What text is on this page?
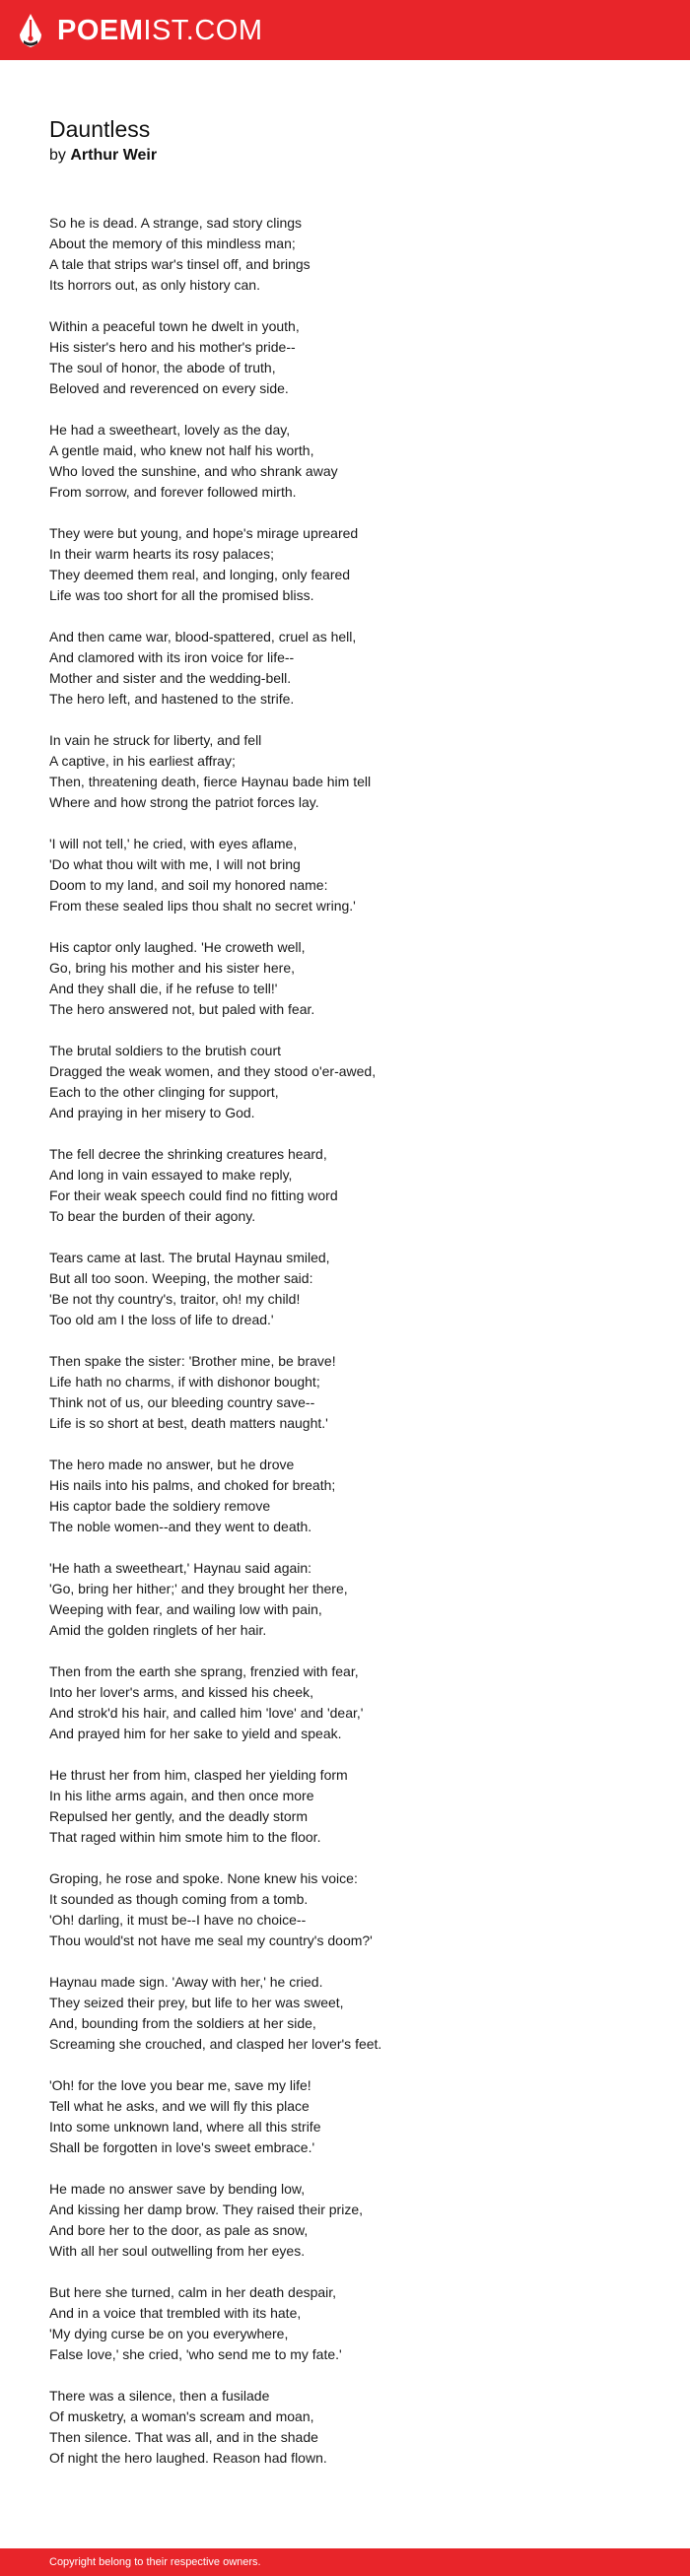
POEMIST.COM
Dauntless
by Arthur Weir

So he is dead. A strange, sad story clings
About the memory of this mindless man;
A tale that strips war's tinsel off, and brings
Its horrors out, as only history can.

Within a peaceful town he dwelt in youth,
His sister's hero and his mother's pride--
The soul of honor, the abode of truth,
Beloved and reverenced on every side.

He had a sweetheart, lovely as the day,
A gentle maid, who knew not half his worth,
Who loved the sunshine, and who shrank away
From sorrow, and forever followed mirth.

They were but young, and hope's mirage upreared
In their warm hearts its rosy palaces;
They deemed them real, and longing, only feared
Life was too short for all the promised bliss.

And then came war, blood-spattered, cruel as hell,
And clamored with its iron voice for life--
Mother and sister and the wedding-bell.
The hero left, and hastened to the strife.

In vain he struck for liberty, and fell
A captive, in his earliest affray;
Then, threatening death, fierce Haynau bade him tell
Where and how strong the patriot forces lay.

'I will not tell,' he cried, with eyes aflame,
'Do what thou wilt with me, I will not bring
Doom to my land, and soil my honored name:
From these sealed lips thou shalt no secret wring.'

His captor only laughed. 'He croweth well,
Go, bring his mother and his sister here,
And they shall die, if he refuse to tell!'
The hero answered not, but paled with fear.

The brutal soldiers to the brutish court
Dragged the weak women, and they stood o'er-awed,
Each to the other clinging for support,
And praying in her misery to God.

The fell decree the shrinking creatures heard,
And long in vain essayed to make reply,
For their weak speech could find no fitting word
To bear the burden of their agony.

Tears came at last. The brutal Haynau smiled,
But all too soon. Weeping, the mother said:
'Be not thy country's, traitor, oh! my child!
Too old am I the loss of life to dread.'

Then spake the sister: 'Brother mine, be brave!
Life hath no charms, if with dishonor bought;
Think not of us, our bleeding country save--
Life is so short at best, death matters naught.'

The hero made no answer, but he drove
His nails into his palms, and choked for breath;
His captor bade the soldiery remove
The noble women--and they went to death.

'He hath a sweetheart,' Haynau said again:
'Go, bring her hither;' and they brought her there,
Weeping with fear, and wailing low with pain,
Amid the golden ringlets of her hair.

Then from the earth she sprang, frenzied with fear,
Into her lover's arms, and kissed his cheek,
And strok'd his hair, and called him 'love' and 'dear,'
And prayed him for her sake to yield and speak.

He thrust her from him, clasped her yielding form
In his lithe arms again, and then once more
Repulsed her gently, and the deadly storm
That raged within him smote him to the floor.

Groping, he rose and spoke. None knew his voice:
It sounded as though coming from a tomb.
'Oh! darling, it must be--I have no choice--
Thou would'st not have me seal my country's doom?'

Haynau made sign. 'Away with her,' he cried.
They seized their prey, but life to her was sweet,
And, bounding from the soldiers at her side,
Screaming she crouched, and clasped her lover's feet.

'Oh! for the love you bear me, save my life!
Tell what he asks, and we will fly this place
Into some unknown land, where all this strife
Shall be forgotten in love's sweet embrace.'

He made no answer save by bending low,
And kissing her damp brow. They raised their prize,
And bore her to the door, as pale as snow,
With all her soul outwelling from her eyes.

But here she turned, calm in her death despair,
And in a voice that trembled with its hate,
'My dying curse be on you everywhere,
False love,' she cried, 'who send me to my fate.'

There was a silence, then a fusilade
Of musketry, a woman's scream and moan,
Then silence. That was all, and in the shade
Of night the hero laughed. Reason had flown.

Copyright belong to their respective owners.
